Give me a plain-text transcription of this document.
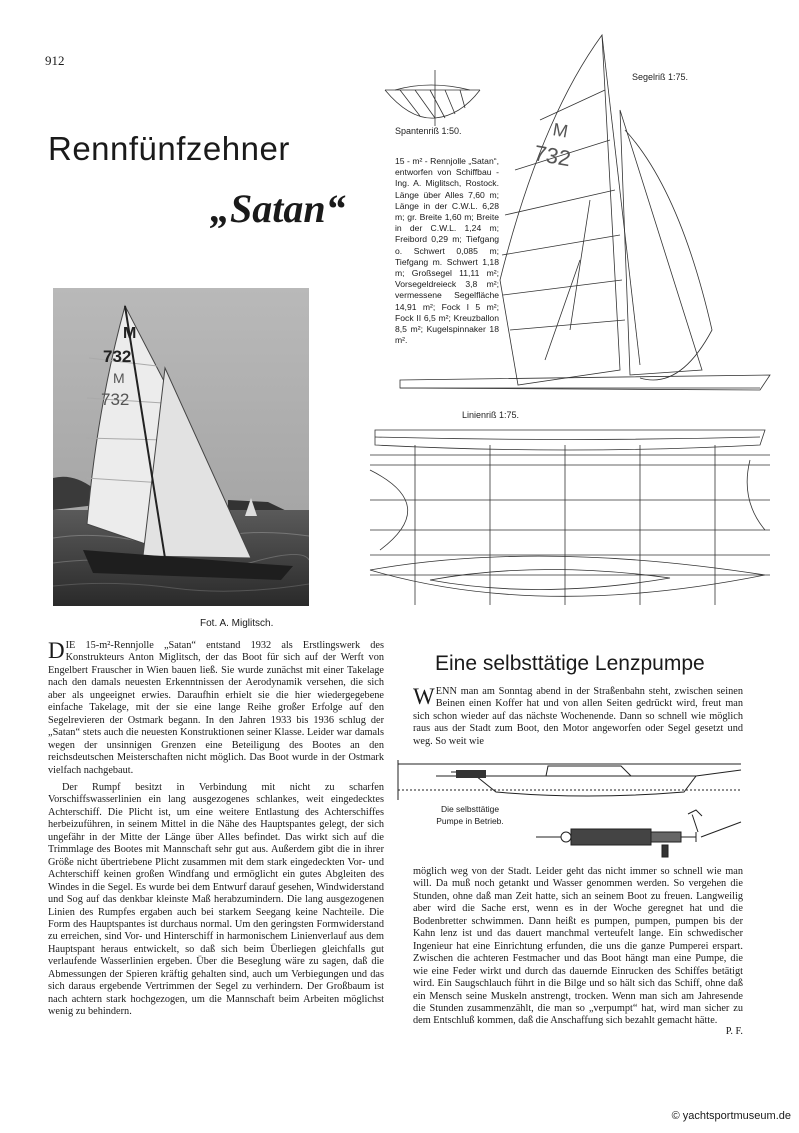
912
Rennfünfzehner
„Satan“
M
732
M
732
Fot. A. Miglitsch.
Spantenriß 1:50.	M
732
Segelriß 1:75.
Linienriß 1:75.
15 - m² - Rennjolle „Satan“, entworfen von Schiffbau - Ing. A. Miglitsch, Rostock. Länge über Alles 7,60 m; Länge in der C.W.L. 6,28 m; gr. Breite 1,60 m; Breite in der C.W.L. 1,24 m; Freibord 0,29 m; Tiefgang o. Schwert 0,085 m; Tiefgang m. Schwert 1,18 m; Großsegel 11,11 m²; Vorsegeldreieck 3,8 m²; vermessene Segelfläche 14,91 m²; Fock I 5 m²; Fock II 6,5 m²; Kreuzballon 8,5 m²; Kugelspinnaker 18 m².

DIE 15-m²-Rennjolle „Satan“ entstand 1932 als Erstlingswerk des Konstrukteurs Anton Miglitsch, der das Boot für sich auf der Werft von Engelbert Frauscher in Wien bauen ließ. Sie wurde zunächst mit einer Takelage nach den damals neuesten Erkenntnissen der Aerodynamik versehen, die sich aber als ungeeignet erwies. Daraufhin erhielt sie die hier wiedergegebene einfache Takelage, mit der sie eine lange Reihe großer Erfolge auf den Segelrevieren der Ostmark begann. In den Jahren 1933 bis 1936 schlug der „Satan“ stets auch die neuesten Konstruktionen seiner Klasse. Leider war damals wegen der unsinnigen Grenzen eine Beteiligung des Bootes an den reichsdeutschen Meisterschaften nicht möglich. Das Boot wurde in der Ostmark vielfach nachgebaut.

Der Rumpf besitzt in Verbindung mit nicht zu scharfen Vorschiffswasserlinien ein lang ausgezogenes schlankes, weit eingedecktes Achterschiff. Die Plicht ist, um eine weitere Entlastung des Achterschiffes herbeizuführen, in seinem Mittel in die Nähe des Hauptspantes gelegt, der sich ungefähr in der Mitte der Länge über Alles befindet. Das wirkt sich auf die Trimmlage des Bootes mit Mannschaft sehr gut aus. Außerdem gibt die in ihrer Größe nicht übertriebene Plicht zusammen mit dem stark eingedeckten Vor- und Achterschiff keinen großen Windfang und ermöglicht ein gutes Abgleiten des Windes in die Segel. Es wurde bei dem Entwurf darauf gesehen, Windwiderstand und Sog auf das denkbar kleinste Maß herabzumindern. Die lang ausgezogenen Linien des Rumpfes ergaben auch bei starkem Seegang keine Nachteile. Die Form des Hauptspantes ist durchaus normal. Um den geringsten Formwiderstand zu erreichen, sind Vor- und Hinterschiff in harmonischem Linienverlauf aus dem Hauptspant heraus entwickelt, so daß sich beim Überliegen gleichfalls gut verlaufende Wasserlinien ergeben. Über die Beseglung wäre zu sagen, daß die Abmessungen der Spieren kräftig gehalten sind, auch um Verbiegungen und das sich daraus ergebende Vertrimmen der Segel zu verhindern. Der Großbaum ist nach achtern stark hochgezogen, um die Mannschaft beim Arbeiten möglichst wenig zu behindern.

Eine selbsttätige Lenzpumpe

WENN man am Sonntag abend in der Straßenbahn steht, zwischen seinen Beinen einen Koffer hat und von allen Seiten gedrückt wird, freut man sich schon wieder auf das nächste Wochenende. Dann so schnell wie möglich raus aus der Stadt zum Boot, den Motor angeworfen oder Segel gesetzt und weg. So weit wie

Die selbsttätige Pumpe in Betrieb.

möglich weg von der Stadt. Leider geht das nicht immer so schnell wie man will. Da muß noch getankt und Wasser genommen werden. So vergehen die Stunden, ohne daß man Zeit hatte, sich an seinem Boot zu freuen. Langweilig aber wird die Sache erst, wenn es in der Woche geregnet hat und die Bodenbretter schwimmen. Dann heißt es pumpen, pumpen, pumpen bis der Kahn lenz ist und das dauert manchmal verteufelt lange. Ein schwedischer Ingenieur hat eine Einrichtung erfunden, die uns die ganze Pumperei erspart. Zwischen die achteren Festmacher und das Boot hängt man eine Pumpe, die wie eine Feder wirkt und durch das dauernde Einrucken des Schiffes betätigt wird. Ein Saugschlauch führt in die Bilge und so hält sich das Schiff, ohne daß ein Mensch seine Muskeln anstrengt, trocken. Wenn man sich am Jahresende die Stunden zusammenzählt, die man so „verpumpt“ hat, wird man sicher zu dem Entschluß kommen, daß die Anschaffung sich bezahlt gemacht hätte.

P. F.
© yachtsportmuseum.de
